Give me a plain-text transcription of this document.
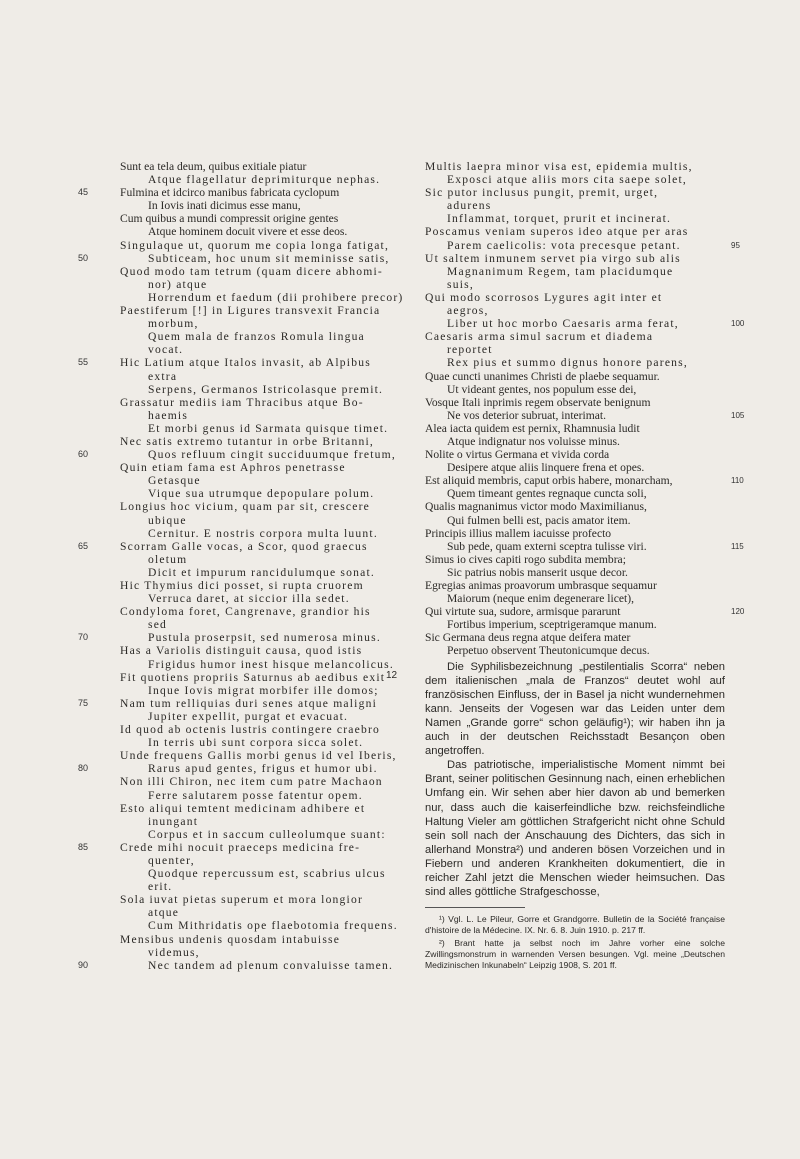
Sunt ea tela deum, quibus exitiale piatur
Atque flagellatur deprimiturque nephas.
45	Fulmina et idcirco manibus fabricata cyclopum
In Iovis inati dicimus esse manu,
Cum quibus a mundi compressit origine gentes
Atque hominem docuit vivere et esse deos.
Singulaque ut, quorum me copia longa fatigat,
50	Subticeam, hoc unum sit meminisse satis,
Quod modo tam tetrum (quam dicere abhomi-
nor) atque
Horrendum et faedum (dii prohibere precor)
Paestiferum [!] in Ligures transvexit Francia
morbum,
Quem mala de franzos Romula lingua
vocat.
55	Hic Latium atque Italos invasit, ab Alpibus
extra
Serpens, Germanos Istricolasque premit.
Grassatur mediis iam Thracibus atque Bo-
haemis
Et morbi genus id Sarmata quisque timet.
Nec satis extremo tutantur in orbe Britanni,
60	Quos refluum cingit succiduumque fretum,
Quin etiam fama est Aphros penetrasse
Getasque
Vique sua utrumque depopulare polum.
Longius hoc vicium, quam par sit, crescere
ubique
Cernitur. E nostris corpora multa luunt.
65	Scorram Galle vocas, a Scor, quod graecus
oletum
Dicit et impurum rancidulumque sonat.
Hic Thymius dici posset, si rupta cruorem
Verruca daret, at siccior illa sedet.
Condyloma foret, Cangrenave, grandior his
sed
70	Pustula proserpsit, sed numerosa minus.
Has a Variolis distinguit causa, quod istis
Frigidus humor inest hisque melancolicus.
Fit quotiens propriis Saturnus ab aedibus exit
Inque Iovis migrat morbifer ille domos;
75	Nam tum relliquias duri senes atque maligni
Jupiter expellit, purgat et evacuat.
Id quod ab octenis lustris contingere craebro
In terris ubi sunt corpora sicca solet.
Unde frequens Gallis morbi genus id vel Iberis,
80	Rarus apud gentes, frigus et humor ubi.
Non illi Chiron, nec item cum patre Machaon
Ferre salutarem posse fatentur opem.
Esto aliqui temtent medicinam adhibere et
inungant
Corpus et in saccum culleolumque suant:
85	Crede mihi nocuit praeceps medicina fre-
quenter,
Quodque repercussum est, scabrius ulcus
erit.
Sola iuvat pietas superum et mora longior
atque
Cum Mithridatis ope flaebotomia frequens.
Mensibus undenis quosdam intabuisse
videmus,
90	Nec tandem ad plenum convaluisse tamen.
Multis laepra minor visa est, epidemia multis,
Exposci atque aliis mors cita saepe solet,
Sic putor inclusus pungit, premit, urget,
adurens
Inflammat, torquet, prurit et incinerat.
Poscamus veniam superos ideo atque per aras
95
Parem caelicolis: vota precesque petant.
Ut saltem inmunem servet pia virgo sub alis
Magnanimum Regem, tam placidumque
suis,
Qui modo scorrosos Lygures agit inter et
aegros,
100
Liber ut hoc morbo Caesaris arma ferat,
Caesaris arma simul sacrum et diadema
reportet
Rex pius et summo dignus honore parens,
Quae cuncti unanimes Christi de plaebe sequamur.
Ut videant gentes, nos populum esse dei,
Vosque Itali inprimis regem observate benignum
105
Ne vos deterior subruat, interimat.
Alea iacta quidem est pernix, Rhamnusia ludit
Atque indignatur nos voluisse minus.
Nolite o virtus Germana et vivida corda
Desipere atque aliis linquere frena et opes.
110
Est aliquid membris, caput orbis habere, monarcham,
Quem timeant gentes regnaque cuncta soli,
Qualis magnanimus victor modo Maximilianus,
Qui fulmen belli est, pacis amator item.
Principis illius mallem iacuisse profecto
115
Sub pede, quam externi sceptra tulisse viri.
Simus io cives capiti rogo subdita membra;
Sic patrius nobis manserit usque decor.
Egregias animas proavorum umbrasque sequamur
Maiorum (neque enim degenerare licet),
120
Qui virtute sua, sudore, armisque pararunt
Fortibus imperium, sceptrigeramque manum.
Sic Germana deus regna atque deifera mater
Perpetuo observent Theutonicumque decus.

Die Syphilisbezeichnung „pestilentialis Scorra“ neben dem italienischen „mala de Franzos“ deutet wohl auf französischen Einfluss, der in Basel ja nicht wundernehmen kann. Jenseits der Vogesen war das Leiden unter dem Namen „Grande gorre“ schon geläufig¹); wir haben ihn ja auch in der deutschen Reichsstadt Besançon oben angetroffen.

Das patriotische, imperialistische Moment nimmt bei Brant, seiner politischen Gesinnung nach, einen erheblichen Umfang ein. Wir sehen aber hier davon ab und bemerken nur, dass auch die kaiserfeindliche bzw. reichsfeindliche Haltung Vieler am göttlichen Strafgericht nicht ohne Schuld sein soll nach der Anschauung des Dichters, das sich in allerhand Monstra²) und anderen bösen Vorzeichen und in Fiebern und anderen Krankheiten dokumentiert, die in reicher Zahl jetzt die Menschen wieder heimsuchen. Das sind alles göttliche Strafgeschosse,

¹) Vgl. L. Le Pileur, Gorre et Grandgorre. Bulletin de la Société française d'histoire de la Médecine. IX. Nr. 6. 8. Juin 1910. p. 217 ff.

²) Brant hatte ja selbst noch im Jahre vorher eine solche Zwillingsmonstrum in warnenden Versen besungen. Vgl. meine „Deutschen Medizinischen Inkunabeln“ Leipzig 1908, S. 201 ff.

12
